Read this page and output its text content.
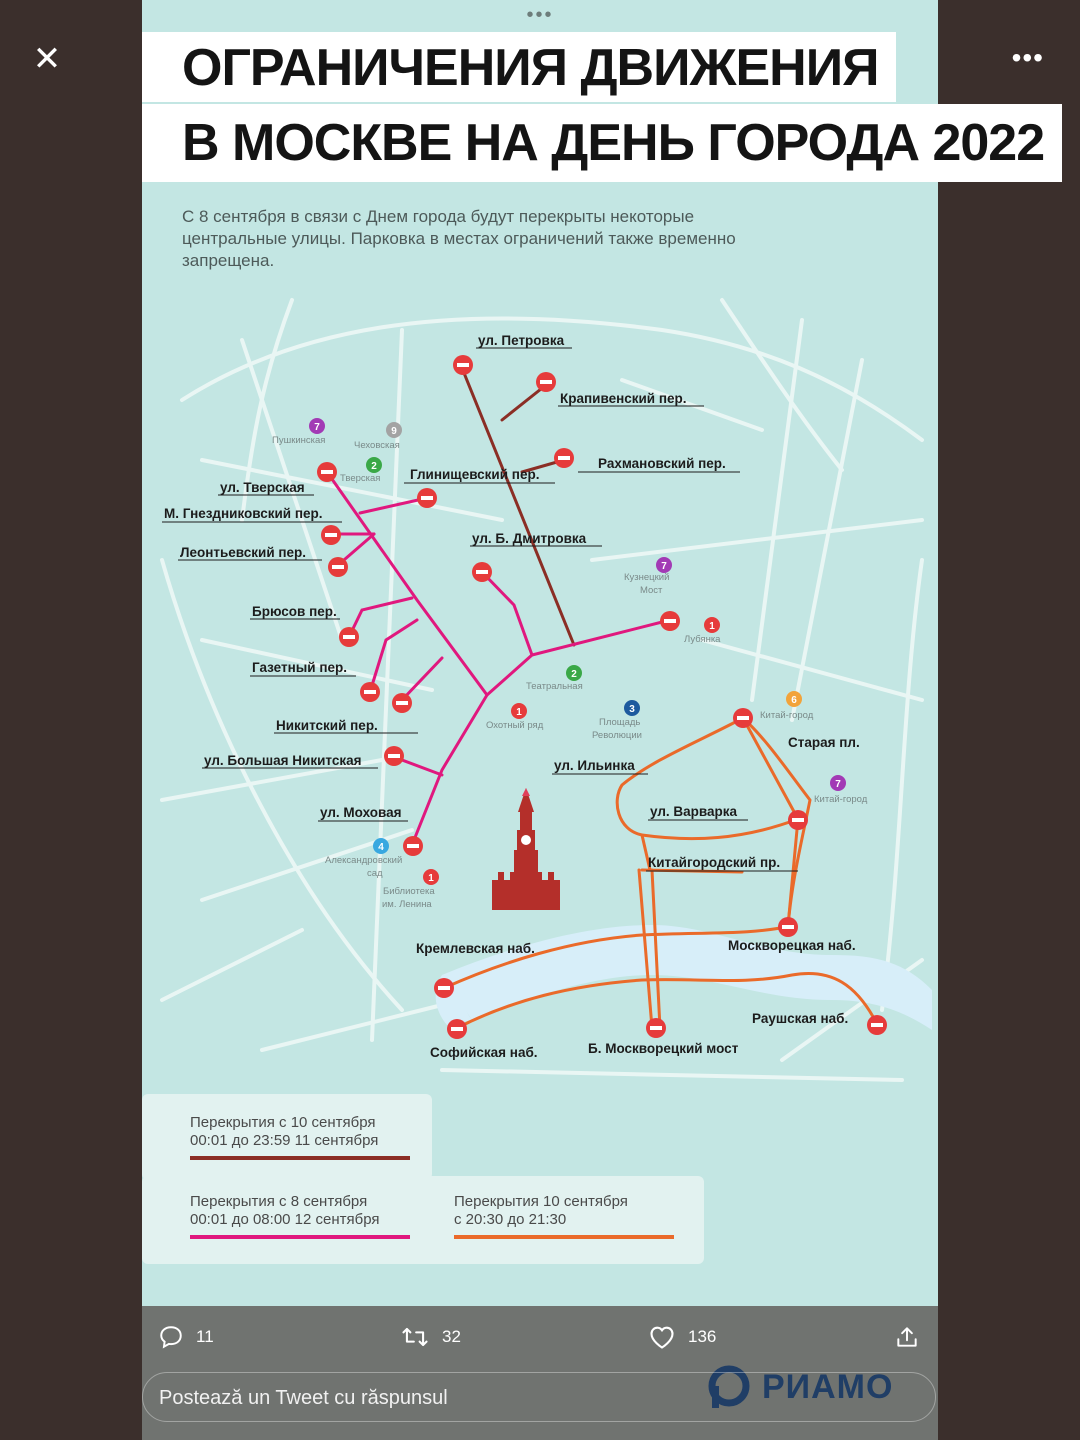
✕	•••
•••
ОГРАНИЧЕНИЯ ДВИЖЕНИЯ
В МОСКВЕ НА ДЕНЬ ГОРОДА 2022
С 8 сентября в связи с Днем города будут перекрыты некоторые центральные улицы. Парковка в местах ограничений также временно запрещена.
7
Пушкинская
9
Чеховская
2
Тверская
7
Кузнецкий
Мост
1
Лубянка
2
Театральная
1
Охотный ряд
3
Площадь
Революции
6
Китай-город
7
Китай-город
4
Александровский
сад	1
Библиотека
им. Ленина
ул. Петровка
Крапивенский пер.
Рахмановский пер.
Глинищевский пер.
ул. Тверская
М. Гнездниковский пер.
Леонтьевский пер.
ул. Б. Дмитровка
Брюсов пер.
Газетный пер.
Никитский пер.
ул. Большая Никитская
ул. Моховая
ул. Ильинка
Старая пл.
ул. Варварка
Китайгородский пр.
Кремлевская наб.	Москворецкая наб.
Раушская наб.
Софийская наб.	Б. Москворецкий мост
Перекрытия с 10 сентября
00:01 до 23:59 11 сентября
Перекрытия с 8 сентября
00:01 до 08:00 12 сентября
Перекрытия 10 сентября
с 20:30 до 21:30
11	32	136
РИАМО
Postează un Tweet cu răspunsul
